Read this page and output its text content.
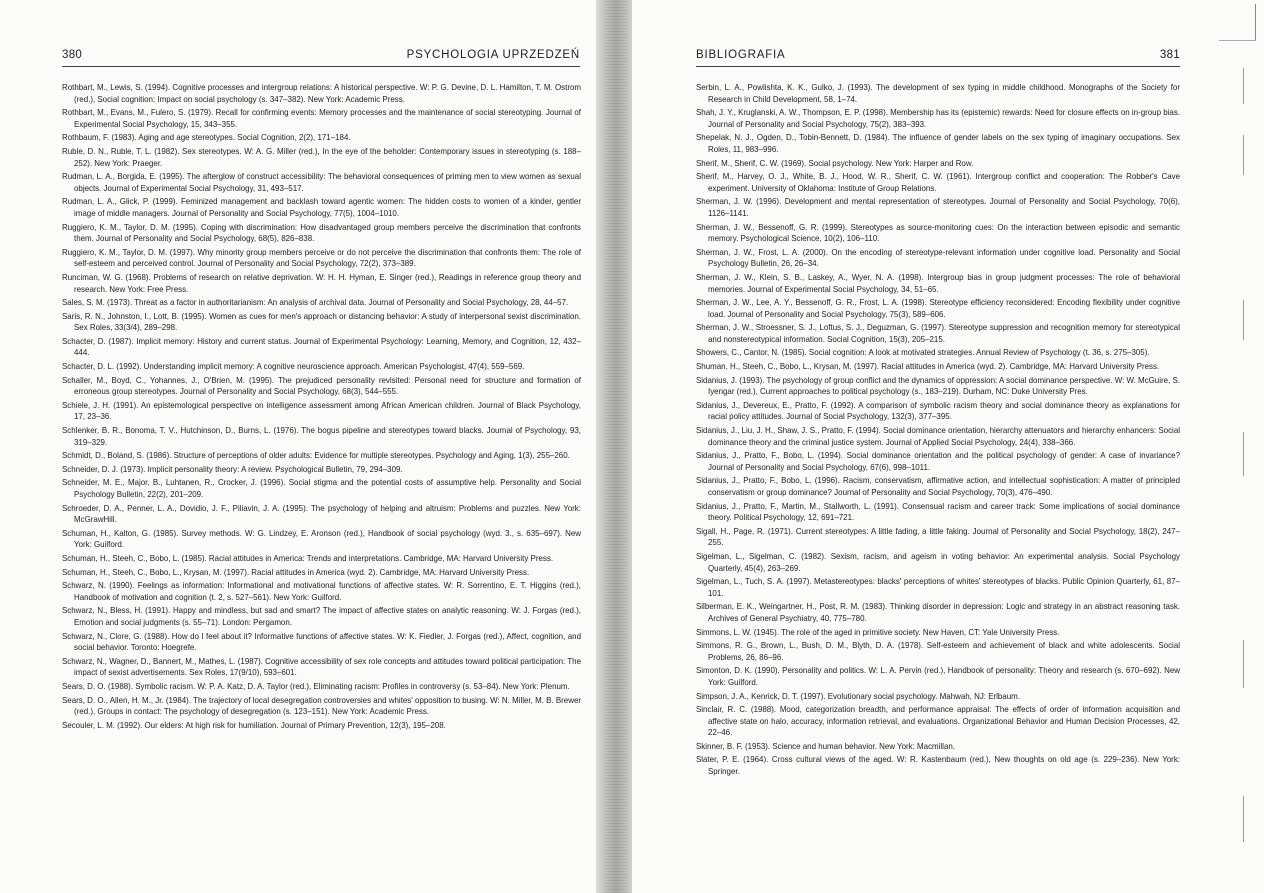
380	PSYCHOLOGIA UPRZEDZEŃ
Rothbart, M., Lewis, S. (1994). Cognitive processes and intergroup relations: A historical perspective. W: P. G. Devine, D. L. Hamilton, T. M. Ostrom (red.), Social cognition: Impact on social psychology (s. 347–382). New York: Academic Press.
Rothbart, M., Evans, M., Fulero, S. (1979). Recall for confirming events: Memory processes and the maintenance of social stereotyping. Journal of Experimental Social Psychology, 15, 343–355.
Rothbaum, F. (1983). Aging and age stereotypes. Social Cognition, 2(2), 171–184.
Ruble, D. N., Ruble, T. L. (1982). Sex stereotypes. W: A. G. Miller (red.), In the eye of the beholder: Contemporary issues in stereotyping (s. 188–252). New York: Praeger.
Rudman, L. A., Borgida, E. (1995). The afterglow of construct accessibility: The behavioral consequences of priming men to view women as sexual objects. Journal of Experimental Social Psychology, 31, 493–517.
Rudman, L. A., Glick, P. (1999). Feminized management and backlash toward agentic women: The hidden costs to women of a kinder, gentler image of middle managers. Journal of Personality and Social Psychology, 77(5), 1004–1010.
Ruggiero, K. M., Taylor, D. M. (1995). Coping with discrimination: How disadvantaged group members perceive the discrimination that confronts them. Journal of Personality and Social Psychology, 68(5), 826–838.
Ruggiero, K. M., Taylor, D. M. (1997). Why minority group members perceive or do not perceive the discrimination that confronts them: The role of self-esteem and perceived control. Journal of Personality and Social Psychology, 72(2), 373–389.
Runciman, W. G. (1968). Problems of research on relative deprivation. W: H. H. Hyman, E. Singer (red.), Readings in reference group theory and research. New York: Free Press.
Sales, S. M. (1973). Threat as a factor in authoritarianism: An analysis of archival data. Journal of Personality and Social Psychology, 28, 44–57.
Saris, R. N., Johnston, I., Lott, B. (1995). Women as cues for men's approach or distancing behavior: A study of interpersonal sexist discrimination. Sex Roles, 33(3/4), 289–298.
Schacter, D. (1987). Implicit memory: History and current status. Journal of Experimental Psychology: Learning, Memory, and Cognition, 12, 432–444.
Schacter, D. L. (1992). Understanding implicit memory: A cognitive neuroscience approach. American Psychologist, 47(4), 559–569.
Schaller, M., Boyd, C., Yohannes, J., O'Brien, M. (1995). The prejudiced personality revisited: Personal need for structure and formation of erroneous group stereotypes. Journal of Personality and Social Psychology, 68(3), 544–555.
Schiele, J. H. (1991). An epistemological perspective on intelligence assessment among African American children. Journal of Black Psychology, 17, 23–36.
Schlenker, B. R., Bonoma, T. V., Hutchinson, D., Burns, L. (1976). The bogus pipeline and stereotypes toward blacks. Journal of Psychology, 93, 319–329.
Schmidt, D., Boland, S. (1986). Structure of perceptions of older adults: Evidence for multiple stereotypes. Psychology and Aging, 1(3), 255–260.
Schneider, D. J. (1973). Implicit personality theory: A review. Psychological Bulletin, 79, 294–309.
Schneider, M. E., Major, B., Luhtanen, R., Crocker, J. (1996). Social stigma and the potential costs of assumptive help. Personality and Social Psychology Bulletin, 22(2), 201–209.
Schroeder, D. A., Penner, L. A., Dovidio, J. F., Piliavin, J. A. (1995). The psychology of helping and altruism: Problems and puzzles. New York: McGrawHill.
Schuman, H., Kalton, G. (1985). Survey methods. W: G. Lindzey, E. Aronson (red.), Handbook of social psychology (wyd. 3., s. 635–697). New York: Guilford.
Schuman, H., Steeh, C., Bobo, L. (1985). Racial attitudes in America: Trends and interpretations. Cambridge, MA: Harvard University Press.
Schuman, H., Steeh, C., Bobo, L., Krysan, M. (1997). Racial attitudes in America (wyd. 2). Cambridge, MA: Harvard University Press.
Schwarz, N. (1990). Feelings as information: Informational and motivational functions of affective states. W: R. Sorrentino, E. T. Higgins (red.), Handbook of motivation and cognition (t. 2, s. 527–561). New York: Guilford.
Schwarz, N., Bless, H. (1991). Happy and mindless, but sad and smart? The impact of affective states on analytic reasoning. W: J. Forgas (red.), Emotion and social judgments (s. 55–71). London: Pergamon.
Schwarz, N., Clore, G. (1988). How do I feel about it? Informative functions of affective states. W: K. Fiedler, J. Forgas (red.), Affect, cognition, and social behavior. Toronto: Hoegrefe.
Schwarz, N., Wagner, D., Bannert, M., Mathes, L. (1987). Cognitive accessibility of sex role concepts and attitudes toward political participation: The impact of sexist advertisements. Sex Roles, 17(9/10), 593–601.
Sears, D. O. (1988). Symbolic racism. W: P. A. Katz, D. A. Taylor (red.), Eliminating racism: Profiles in controversy (s. 53–84). New York: Plenum.
Sears, D. O., Allen, H. M., Jr. (1984). The trajectory of local desegregation controversies and whites' opposition to busing. W: N. Miller, M. B. Brewer (red.), Groups in contact: The psychology of desegregation (s. 123–151). New York: Academic Press.
Secouler, L. M. (1992). Our elders: At high risk for humiliation. Journal of Primary Prevention, 12(3), 195–208.
BIBLIOGRAFIA	381
Serbin, L. A., Powlishta, K. K., Gulko, J. (1993). The development of sex typing in middle childhood. Monographs of the Society for Research in Child Development, 58, 1–74.
Shah, J. Y., Kruglanski, A. W., Thompson, E. P. (1998). Membership has its (epistemic) rewards: Need for closure effects on in-group bias. Journal of Personality and Social Psychology, 75(2), 383–393.
Shepelak, N. J., Ogden, D., Tobin-Bennett, D. (1984). The influence of gender labels on the sex typing of imaginary occupations. Sex Roles, 11, 983–996.
Sherif, M., Sherif, C. W. (1969). Social psychology. New York: Harper and Row.
Sherif, M., Harvey, O. J., White, B. J., Hood, W. R., Sherif, C. W. (1961). Intergroup conflict and cooperation: The Robber's Cave experiment. University of Oklahoma: Institute of Group Relations.
Sherman, J. W. (1996). Development and mental representation of stereotypes. Journal of Personality and Social Psychology, 70(6), 1126–1141.
Sherman, J. W., Bessenoff, G. R. (1999). Stereotypes as source-monitoring cues: On the interaction between episodic and semantic memory. Psychological Science, 10(2), 106–110.
Sherman, J. W., Frost, L. A. (2000). On the encoding of stereotype-relevant information under cognitive load. Personality and Social Psychology Bulletin, 26, 26–34.
Sherman, J. W., Klein, S. B., Laskey, A., Wyer, N. A. (1998). Intergroup bias in group judgment processes: The role of behavioral memories. Journal of Experimental Social Psychology, 34, 51–65.
Sherman, J. W., Lee, A. Y., Bessenoff, G. R., Frost, L. A. (1998). Stereotype efficiency reconsidered: Encoding flexibility under cognitive load. Journal of Personality and Social Psychology, 75(3), 589–606.
Sherman, J. W., Stroessner, S. J., Loftus, S. J., Deguzman, G. (1997). Stereotype suppression and recognition memory for stereotypical and nonstereotypical information. Social Cognition, 15(3), 205–215.
Showers, C., Cantor, N. (1985). Social cognition: A look at motivated strategies. Annual Review of Psychology (t. 36, s. 275–305).
Shuman, H., Steeh, C., Bobo, L., Krysan, M. (1997). Racial attitudes in America (wyd. 2). Cambridge, MA: Harvard University Press.
Sidanius, J. (1993). The psychology of group conflict and the dynamics of oppression: A social dominance perspective. W: W. McGuire, S. Iyengar (red.), Current approaches to political psychology (s., 183–219). Durham, NC: Duke University Pres.
Sidanius, J., Devereux, E., Pratto, F. (1992). A comparison of symbolic racism theory and social dominance theory as explanations for racial policy attitudes. Journal of Social Psychology, 132(3), 377–395.
Sidanius, J., Liu, J. H., Shaw, J. S., Pratto, F. (1994). Social dominance orientation, hierarchy attenuators and hierarchy enhancers: Social dominance theory and the criminal justice system. Journal of Applied Social Psychology, 24(4), 338–366.
Sidanius, J., Pratto, F., Bobo, L. (1994). Social dominance orientation and the political psychology of gender: A case of invariance? Journal of Personality and Social Psychology, 67(6), 998–1011.
Sidanius, J., Pratto, F., Bobo, L. (1996). Racism, conservatism, affirmative action, and intellectual sophistication: A matter of principled conservatism or group dominance? Journal of Personality and Social Psychology, 70(3), 476–490.
Sidanius, J., Pratto, F., Martin, M., Stallworth, L. (1991). Consensual racism and career track: Some implications of social dominance theory. Political Psychology, 12, 691–721.
Sigall, H., Page, R. (1971). Current stereotypes: A little fading, a little faking. Journal of Personality and Social Psychology, 18(2), 247–255.
Sigelman, L., Sigelman, C. (1982). Sexism, racism, and ageism in voting behavior: An experimental analysis. Social Psychology Quarterly, 45(4), 263–269.
Sigelman, L., Tuch, S. A. (1997). Metastereotypes: blacks' perceptions of whites' stereotypes of blacks. Public Opinion Quarterly, 61, 87–101.
Silberman, E. K., Weingartner, H., Post, R. M. (1983). Thinking disorder in depression: Logic and strategy in an abstract reasoning task. Archives of General Psychiatry, 40, 775–780.
Simmons, L. W. (1945). The role of the aged in primitive society. New Haven, CT: Yale University Press.
Simmons, R. G., Brown, L., Bush, D. M., Blyth, D. A. (1978). Self-esteem and achievement of black and white adolescents. Social Problems, 26, 86–96.
Simonton, D. K. (1990). Personality and politics. W: L. A. Pervin (red.), Handbook of personality: Theory and research (s. 670–692). New York: Guilford.
Simpson, J. A., Kenrick, D. T. (1997). Evolutionary social psychology. Mahwah, NJ: Erlbaum.
Sinclair, R. C. (1988). Mood, categorization breadth, and performance appraisal: The effects of order of information acquisition and affective state on halo, accuracy, information retrieval, and evaluations. Organizational Behavior and Human Decision Processes, 42, 22–46.
Skinner, B. F. (1953). Science and human behavior. New York: Macmillan.
Slater, P. E. (1964). Cross cultural views of the aged. W: R. Kastenbaum (red.), New thoughts on old age (s. 229–236). New York: Springer.
